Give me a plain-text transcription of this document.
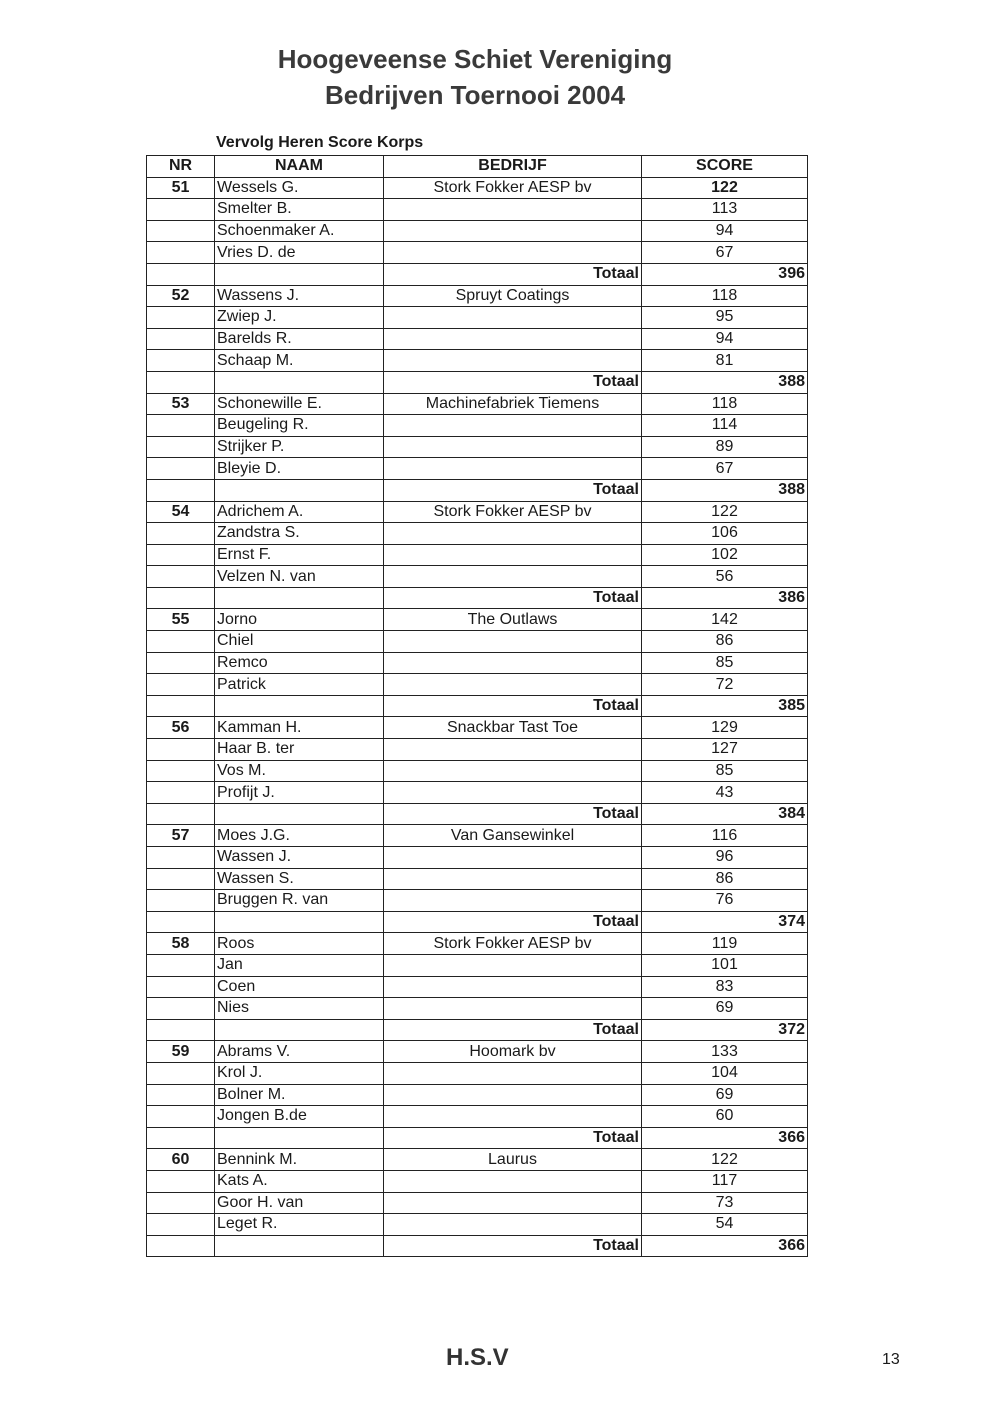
Hoogeveense Schiet Vereniging
Bedrijven Toernooi 2004
Vervolg Heren Score Korps
NR	NAAM	BEDRIJF	SCORE
51	Wessels G.	Stork Fokker AESP bv	122
	Smelter B.		113
	Schoenmaker A.		94
	Vries D. de		67
		Totaal	396
52	Wassens J.	Spruyt Coatings	118
	Zwiep J.		95
	Barelds R.		94
	Schaap M.		81
		Totaal	388
53	Schonewille E.	Machinefabriek Tiemens	118
	Beugeling R.		114
	Strijker P.		89
	Bleyie D.		67
		Totaal	388
54	Adrichem A.	Stork Fokker AESP bv	122
	Zandstra S.		106
	Ernst F.		102
	Velzen N. van		56
		Totaal	386
55	Jorno	The Outlaws	142
	Chiel		86
	Remco		85
	Patrick		72
		Totaal	385
56	Kamman H.	Snackbar Tast Toe	129
	Haar B. ter		127
	Vos M.		85
	Profijt J.		43
		Totaal	384
57	Moes J.G.	Van Gansewinkel	116
	Wassen J.		96
	Wassen S.		86
	Bruggen R. van		76
		Totaal	374
58	Roos	Stork Fokker AESP bv	119
	Jan		101
	Coen		83
	Nies		69
		Totaal	372
59	Abrams V.	Hoomark bv	133
	Krol J.		104
	Bolner M.		69
	Jongen B.de		60
		Totaal	366
60	Bennink M.	Laurus	122
	Kats A.		117
	Goor H. van		73
	Leget R.		54
		Totaal	366
H.S.V	13
